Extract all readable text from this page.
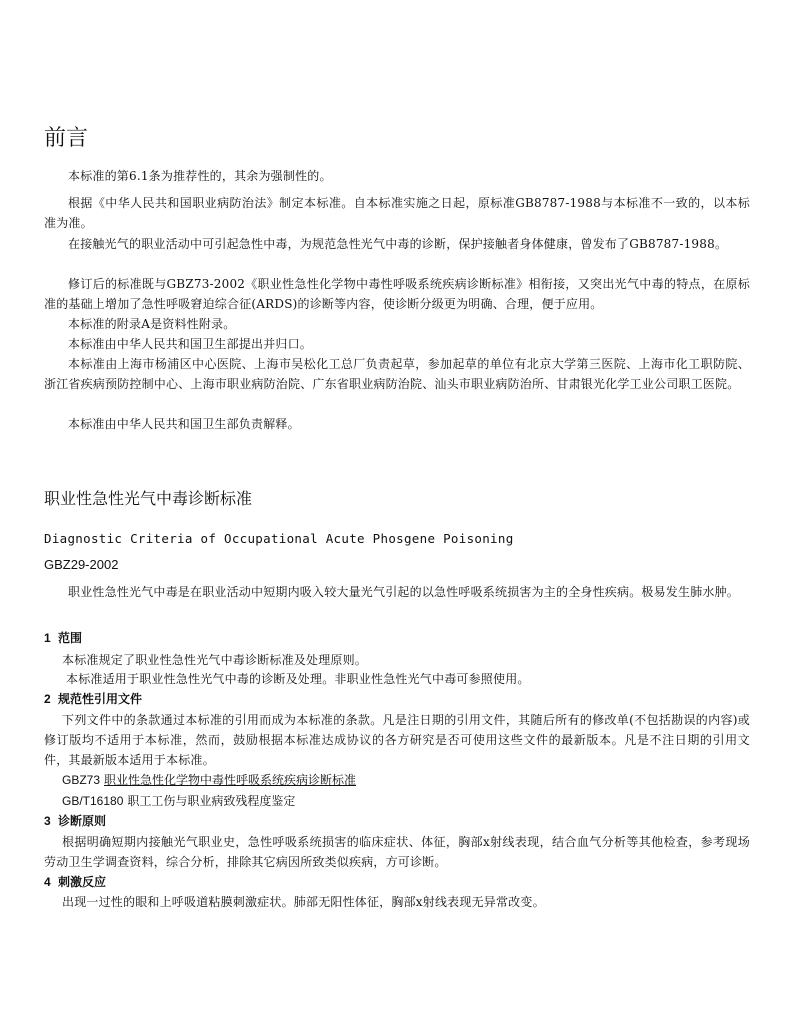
前言
本标准的第6.1条为推荐性的，其余为强制性的。
根据《中华人民共和国职业病防治法》制定本标准。自本标准实施之日起，原标准GB8787-1988与本标准不一致的，以本标准为准。
在接触光气的职业活动中可引起急性中毒，为规范急性光气中毒的诊断，保护接触者身体健康，曾发布了GB8787-1988。
修订后的标准既与GBZ73-2002《职业性急性化学物中毒性呼吸系统疾病诊断标准》相衔接，又突出光气中毒的特点，在原标准的基础上增加了急性呼吸窘迫综合征(ARDS)的诊断等内容，使诊断分级更为明确、合理，便于应用。
本标准的附录A是资料性附录。
本标准由中华人民共和国卫生部提出并归口。
本标准由上海市杨浦区中心医院、上海市吴松化工总厂负责起草，参加起草的单位有北京大学第三医院、上海市化工职防院、浙江省疾病预防控制中心、上海市职业病防治院、广东省职业病防治院、汕头市职业病防治所、甘肃银光化学工业公司职工医院。
本标准由中华人民共和国卫生部负责解释。
职业性急性光气中毒诊断标准
Diagnostic Criteria of Occupational Acute Phosgene Poisoning
GBZ29-2002
职业性急性光气中毒是在职业活动中短期内吸入较大量光气引起的以急性呼吸系统损害为主的全身性疾病。极易发生肺水肿。
1 范围
本标准规定了职业性急性光气中毒诊断标准及处理原则。
本标准适用于职业性急性光气中毒的诊断及处理。非职业性急性光气中毒可参照使用。
2 规范性引用文件
下列文件中的条款通过本标准的引用而成为本标准的条款。凡是注日期的引用文件，其随后所有的修改单(不包括勘误的内容)或修订版均不适用于本标准，然而，鼓励根据本标准达成协议的各方研究是否可使用这些文件的最新版本。凡是不注日期的引用文件，其最新版本适用于本标准。
GBZ73 职业性急性化学物中毒性呼吸系统疾病诊断标准
GB/T16180 职工工伤与职业病致残程度鉴定
3 诊断原则
根据明确短期内接触光气职业史，急性呼吸系统损害的临床症状、体征，胸部x射线表现，结合血气分析等其他检查，参考现场劳动卫生学调查资料，综合分析，排除其它病因所致类似疾病，方可诊断。
4 刺激反应
出现一过性的眼和上呼吸道粘膜刺激症状。肺部无阳性体征，胸部x射线表现无异常改变。
